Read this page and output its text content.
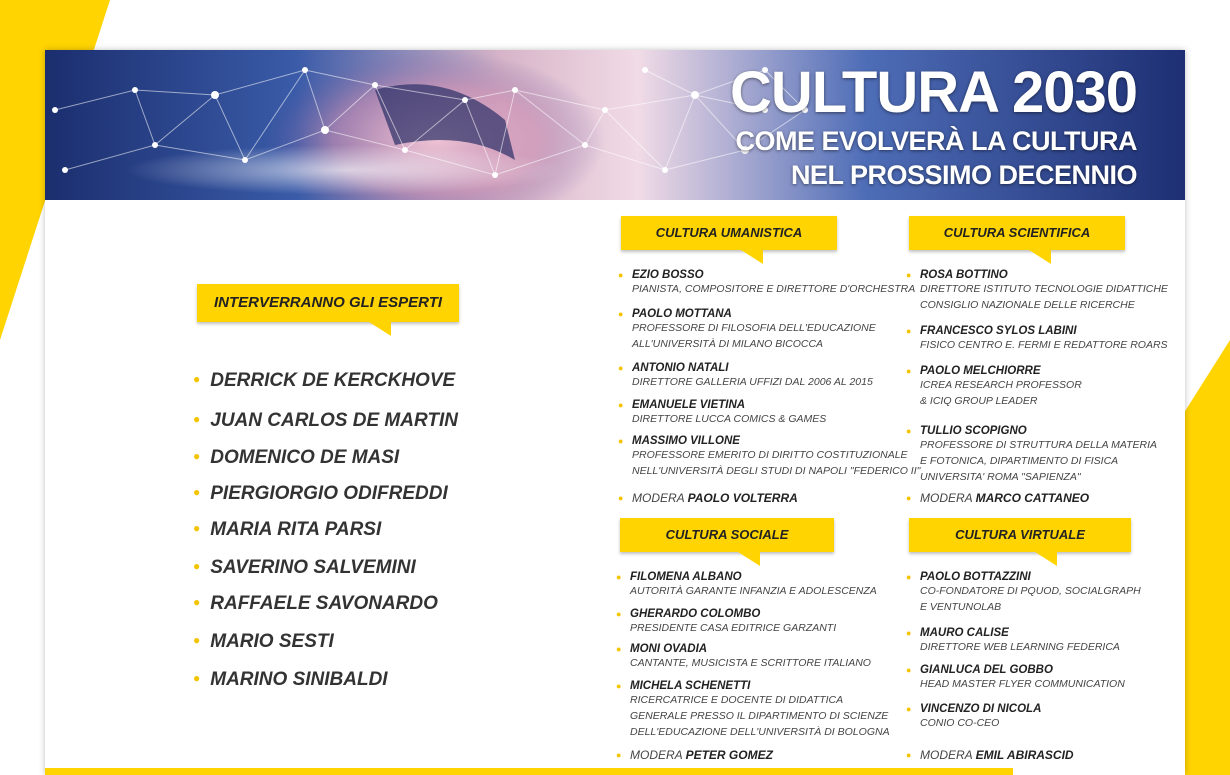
CULTURA 2030
COME EVOLVERÀ LA CULTURA
NEL PROSSIMO DECENNIO
INTERVERRANNO GLI ESPERTI
● DERRICK DE KERCKHOVE
● JUAN CARLOS DE MARTIN
● DOMENICO DE MASI
● PIERGIORGIO ODIFREDDI
● MARIA RITA PARSI
● SAVERINO SALVEMINI
● RAFFAELE SAVONARDO
● MARIO SESTI
● MARINO SINIBALDI
CULTURA UMANISTICA	CULTURA SCIENTIFICA
CULTURA SOCIALE	CULTURA VIRTUALE
● EZIO BOSSO
PIANISTA, COMPOSITORE E DIRETTORE D'ORCHESTRA
● PAOLO MOTTANA
PROFESSORE DI FILOSOFIA DELL'EDUCAZIONE
ALL'UNIVERSITÀ DI MILANO BICOCCA
● ANTONIO NATALI
DIRETTORE GALLERIA UFFIZI DAL 2006 AL 2015
● EMANUELE VIETINA
DIRETTORE LUCCA COMICS & GAMES
● MASSIMO VILLONE
PROFESSORE EMERITO DI DIRITTO COSTITUZIONALE
NELL'UNIVERSITÀ DEGLI STUDI DI NAPOLI "FEDERICO II"
● MODERA PAOLO VOLTERRA
● ROSA BOTTINO
DIRETTORE ISTITUTO TECNOLOGIE DIDATTICHE
CONSIGLIO NAZIONALE DELLE RICERCHE
● FRANCESCO SYLOS LABINI
FISICO CENTRO E. FERMI E REDATTORE ROARS
● PAOLO MELCHIORRE
ICREA RESEARCH PROFESSOR
& ICIQ GROUP LEADER
● TULLIO SCOPIGNO
PROFESSORE DI STRUTTURA DELLA MATERIA
E FOTONICA, DIPARTIMENTO DI FISICA
UNIVERSITA' ROMA "SAPIENZA"
● MODERA MARCO CATTANEO
● FILOMENA ALBANO
AUTORITÀ GARANTE INFANZIA E ADOLESCENZA
● GHERARDO COLOMBO
PRESIDENTE CASA EDITRICE GARZANTI
● MONI OVADIA
CANTANTE, MUSICISTA E SCRITTORE ITALIANO
● MICHELA SCHENETTI
RICERCATRICE E DOCENTE DI DIDATTICA
GENERALE PRESSO IL DIPARTIMENTO DI SCIENZE
DELL'EDUCAZIONE DELL'UNIVERSITÀ DI BOLOGNA
● MODERA PETER GOMEZ
● PAOLO BOTTAZZINI
CO-FONDATORE DI PQUOD, SOCIALGRAPH
E VENTUNOLAB
● MAURO CALISE
DIRETTORE WEB LEARNING FEDERICA
● GIANLUCA DEL GOBBO
HEAD MASTER FLYER COMMUNICATION
● VINCENZO DI NICOLA
CONIO CO-CEO
● MODERA EMIL ABIRASCID
